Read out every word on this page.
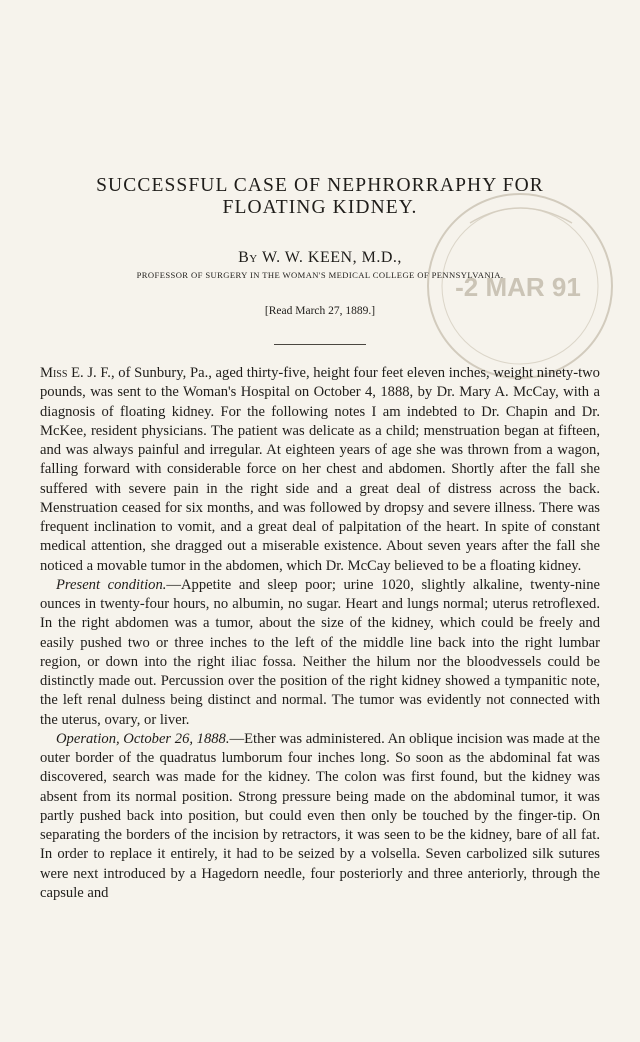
-2 MAR 91
SUCCESSFUL CASE OF NEPHRORRAPHY FOR
FLOATING KIDNEY.
By W. W. KEEN, M.D.,
PROFESSOR OF SURGERY IN THE WOMAN'S MEDICAL COLLEGE OF PENNSYLVANIA.
[Read March 27, 1889.]

Miss E. J. F., of Sunbury, Pa., aged thirty-five, height four feet eleven inches, weight ninety-two pounds, was sent to the Woman's Hospital on October 4, 1888, by Dr. Mary A. McCay, with a diagnosis of floating kidney. For the following notes I am indebted to Dr. Chapin and Dr. McKee, resident physicians. The patient was delicate as a child; menstruation began at fifteen, and was always painful and irregular. At eighteen years of age she was thrown from a wagon, falling forward with considerable force on her chest and abdomen. Shortly after the fall she suffered with severe pain in the right side and a great deal of distress across the back. Menstruation ceased for six months, and was followed by dropsy and severe illness. There was frequent inclination to vomit, and a great deal of palpitation of the heart. In spite of constant medical attention, she dragged out a miserable existence. About seven years after the fall she noticed a movable tumor in the abdomen, which Dr. McCay believed to be a floating kidney.

Present condition.—Appetite and sleep poor; urine 1020, slightly alkaline, twenty-nine ounces in twenty-four hours, no albumin, no sugar. Heart and lungs normal; uterus retroflexed. In the right abdomen was a tumor, about the size of the kidney, which could be freely and easily pushed two or three inches to the left of the middle line back into the right lumbar region, or down into the right iliac fossa. Neither the hilum nor the bloodvessels could be distinctly made out. Percussion over the position of the right kidney showed a tympanitic note, the left renal dulness being distinct and normal. The tumor was evidently not connected with the uterus, ovary, or liver.

Operation, October 26, 1888.—Ether was administered. An oblique incision was made at the outer border of the quadratus lumborum four inches long. So soon as the abdominal fat was discovered, search was made for the kidney. The colon was first found, but the kidney was absent from its normal position. Strong pressure being made on the abdominal tumor, it was partly pushed back into position, but could even then only be touched by the finger-tip. On separating the borders of the incision by retractors, it was seen to be the kidney, bare of all fat. In order to replace it entirely, it had to be seized by a volsella. Seven carbolized silk sutures were next introduced by a Hagedorn needle, four posteriorly and three anteriorly, through the capsule and
